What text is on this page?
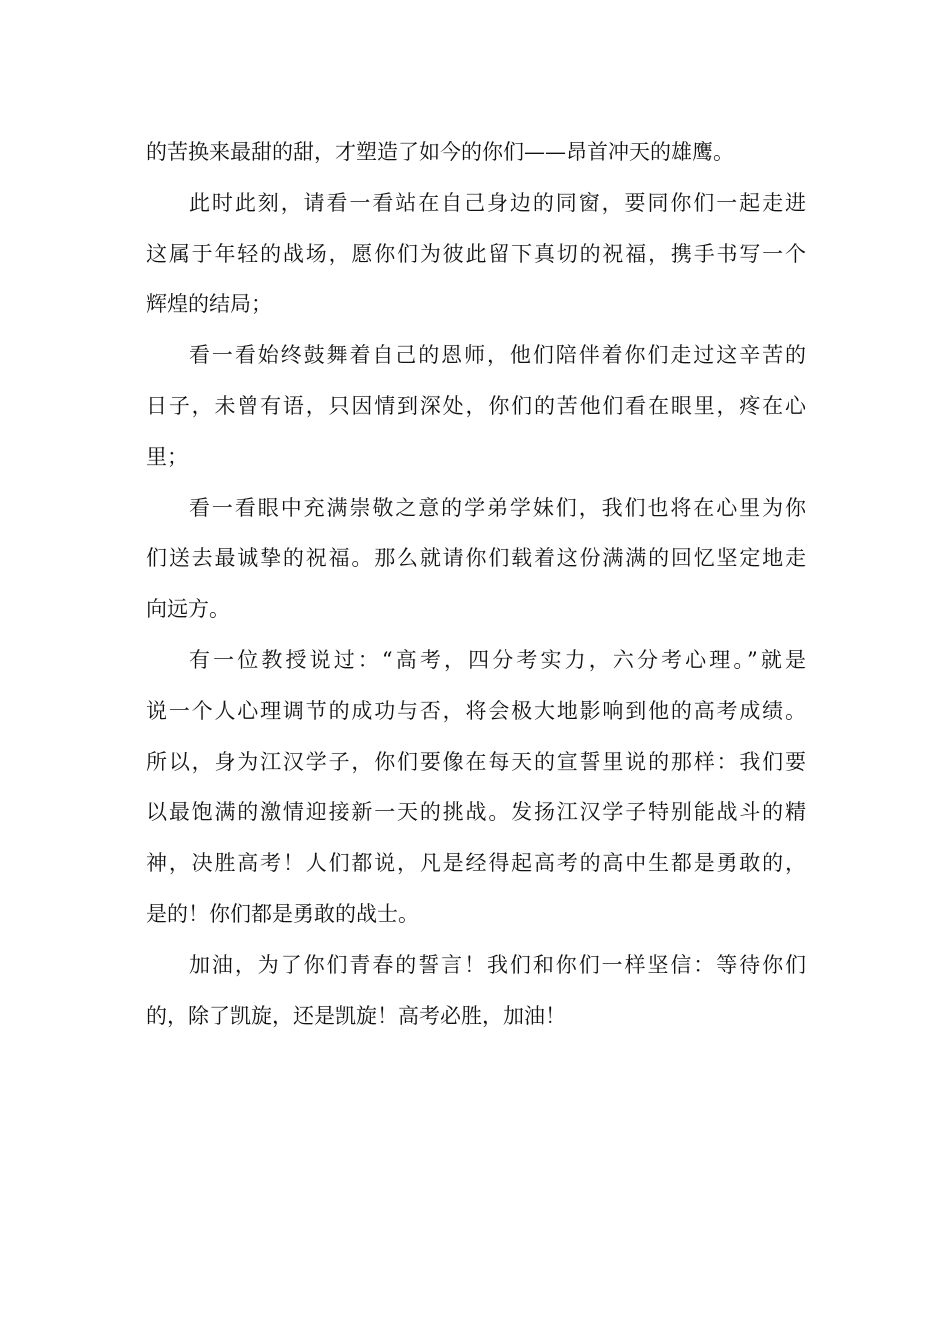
的苦换来最甜的甜，才塑造了如今的你们——昂首冲天的雄鹰。
此时此刻，请看一看站在自己身边的同窗，要同你们一起走进
这属于年轻的战场，愿你们为彼此留下真切的祝福，携手书写一个
辉煌的结局；
看一看始终鼓舞着自己的恩师，他们陪伴着你们走过这辛苦的
日子，未曾有语，只因情到深处，你们的苦他们看在眼里，疼在心
里；
看一看眼中充满崇敬之意的学弟学妹们，我们也将在心里为你
们送去最诚挚的祝福。那么就请你们载着这份满满的回忆坚定地走
向远方。
有一位教授说过：“高考，四分考实力，六分考心理。”就是
说一个人心理调节的成功与否，将会极大地影响到他的高考成绩。
所以，身为江汉学子，你们要像在每天的宣誓里说的那样：我们要
以最饱满的激情迎接新一天的挑战。发扬江汉学子特别能战斗的精
神，决胜高考！人们都说，凡是经得起高考的高中生都是勇敢的，
是的！你们都是勇敢的战士。
加油，为了你们青春的誓言！我们和你们一样坚信：等待你们
的，除了凯旋，还是凯旋！高考必胜，加油！
